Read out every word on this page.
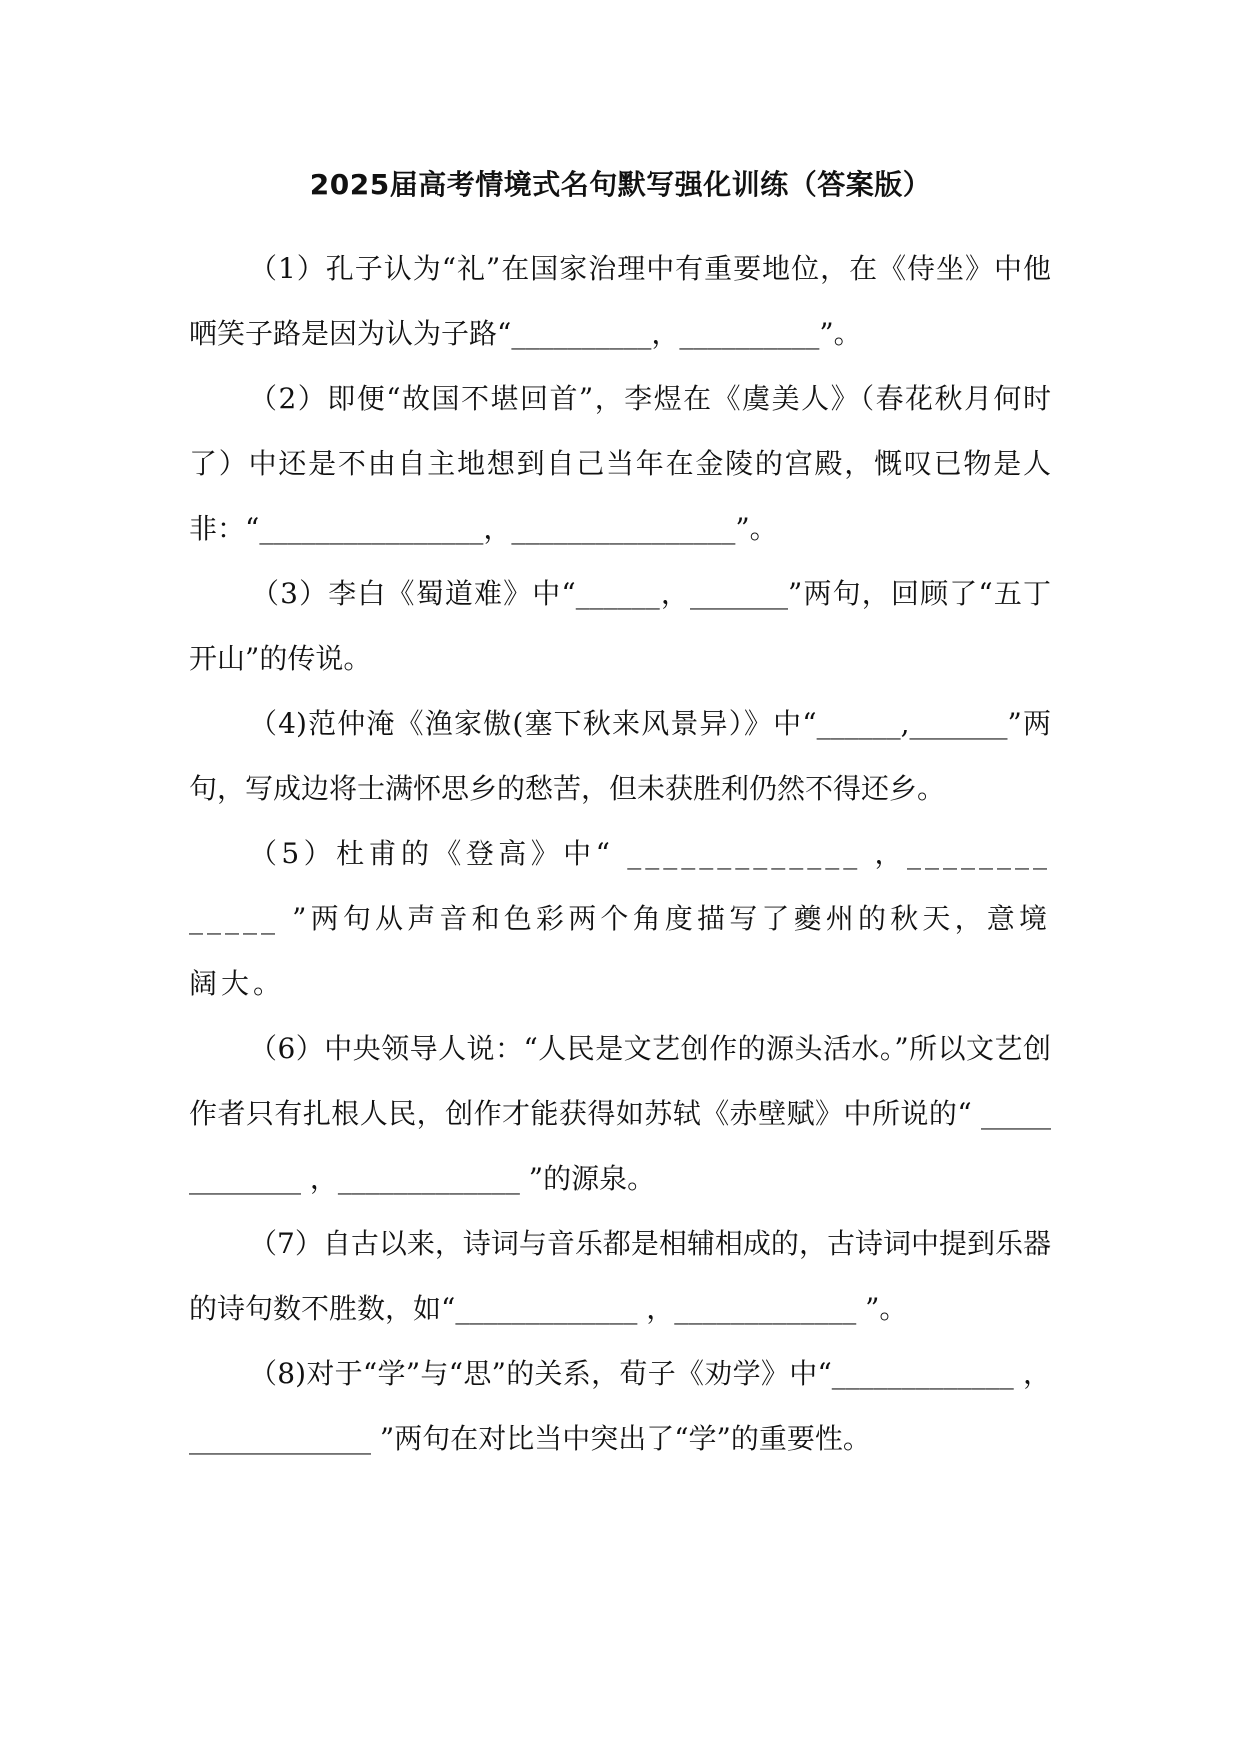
2025届高考情境式名句默写强化训练（答案版）

（1）孔子认为“礼”在国家治理中有重要地位，在《侍坐》中他哂笑子路是因为认为子路“__________，__________”。

（2）即便“故国不堪回首”，李煜在《虞美人》（春花秋月何时了）中还是不由自主地想到自己当年在金陵的宫殿，慨叹已物是人非：“________________，________________”。

（3）李白《蜀道难》中“______，_______”两句，回顾了“五丁开山”的传说。

（4)范仲淹《渔家傲(塞下秋来风景异）》中“______,_______”两句，写成边将士满怀思乡的愁苦，但未获胜利仍然不得还乡。

（5）杜甫的《登高》中“ _____________ ，_____________ ”两句从声音和色彩两个角度描写了夔州的秋天，意境阔大。

（6）中央领导人说：“人民是文艺创作的源头活水。”所以文艺创作者只有扎根人民，创作才能获得如苏轼《赤壁赋》中所说的“ _____________ ，_____________ ”的源泉。

（7）自古以来，诗词与音乐都是相辅相成的，古诗词中提到乐器的诗句数不胜数，如“_____________ ，_____________ ”。

（8)对于“学”与“思”的关系，荀子《劝学》中“_____________ ，_____________ ”两句在对比当中突出了“学”的重要性。
